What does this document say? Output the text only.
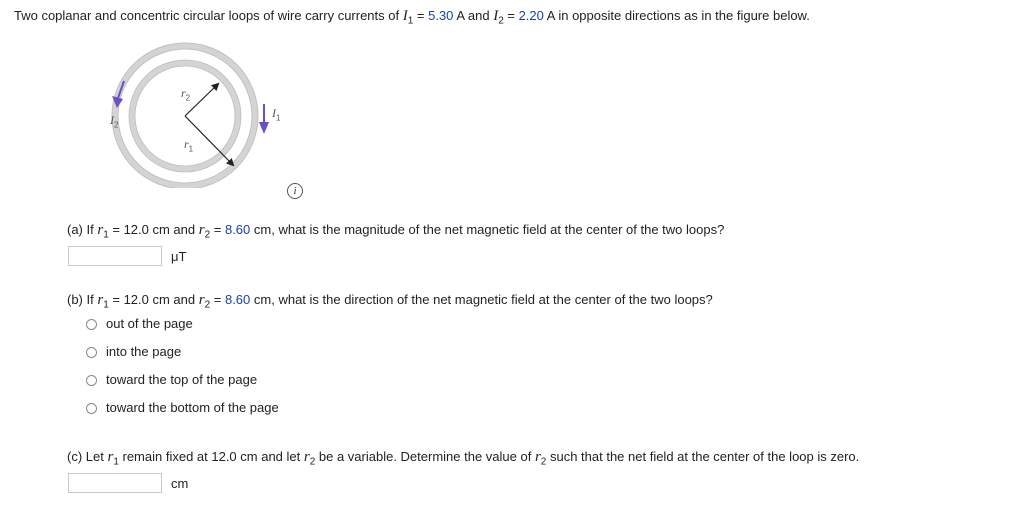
Two coplanar and concentric circular loops of wire carry currents of $I_1 = 5.30$ A and $I_2 = 2.20$ A in opposite directions as in the figure below.
$r_2$
$r_1$
$I_2$
$I_1$
i
(a) If $r_1 = 12.0$ cm and $r_2 = 8.60$ cm, what is the magnitude of the net magnetic field at the center of the two loops?
μT
(b) If $r_1 = 12.0$ cm and $r_2 = 8.60$ cm, what is the direction of the net magnetic field at the center of the two loops?
out of the page
into the page
toward the top of the page
toward the bottom of the page
(c) Let $r_1$ remain fixed at 12.0 cm and let $r_2$ be a variable. Determine the value of $r_2$ such that the net field at the center of the loop is zero.
cm
